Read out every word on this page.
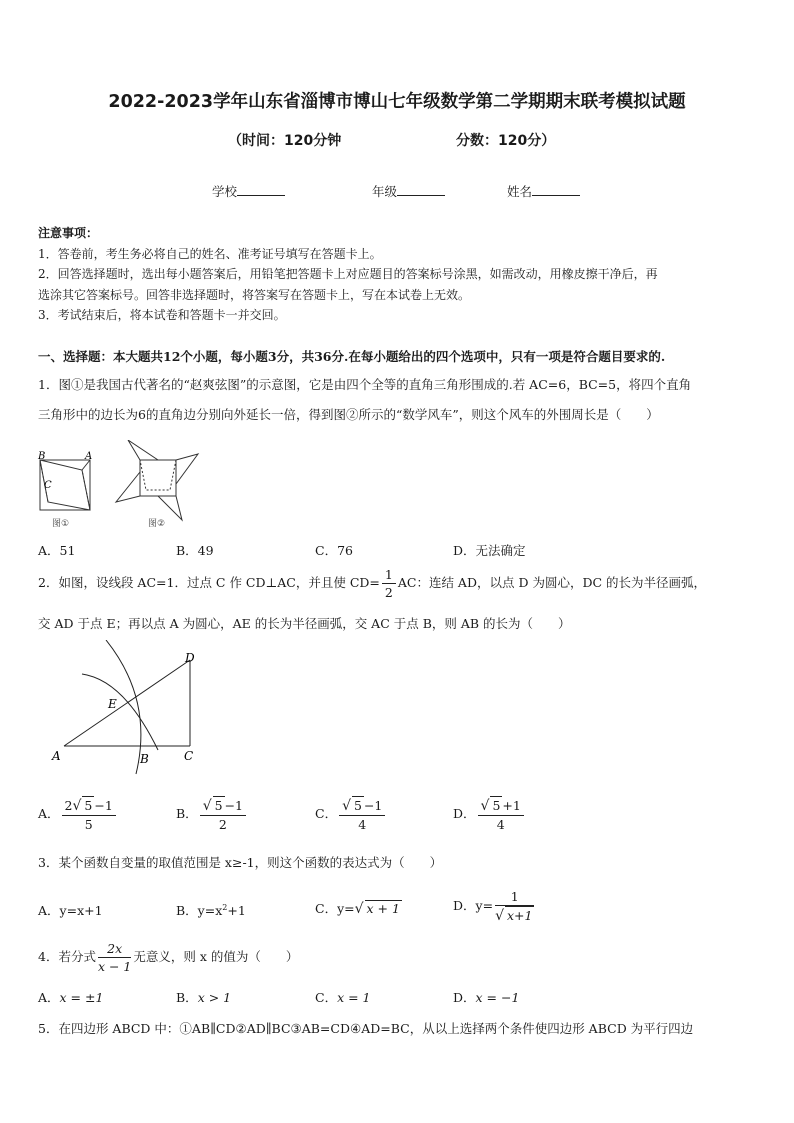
2022-2023学年山东省淄博市博山七年级数学第二学期期末联考模拟试题
（时间：120分钟	分数：120分）
学校	年级	姓名
注意事项：
1．答卷前，考生务必将自己的姓名、准考证号填写在答题卡上。
2．回答选择题时，选出每小题答案后，用铅笔把答题卡上对应题目的答案标号涂黑，如需改动，用橡皮擦干净后，再
选涂其它答案标号。回答非选择题时，将答案写在答题卡上，写在本试卷上无效。
3．考试结束后，将本试卷和答题卡一并交回。
一、选择题：本大题共12个小题，每小题3分，共36分.在每小题给出的四个选项中，只有一项是符合题目要求的.
1．图①是我国古代著名的“赵爽弦图”的示意图，它是由四个全等的直角三角形围成的.若 AC=6，BC=5，将四个直角
三角形中的边长为6的直角边分别向外延长一倍，得到图②所示的“数学风车”，则这个风车的外围周长是（　　）
B	A
C
图①	图②
A．51	B．49	C．76	D．无法确定
2．如图，设线段 AC=1．过点 C 作 CD⊥AC，并且使 $CD= \frac{1}{2}$ AC：连结 AD，以点 D 为圆心，DC 的长为半径画弧，
交 AD 于点 E；再以点 A 为圆心，AE 的长为半径画弧，交 AC 于点 B，则 AB 的长为（　　）
D
E
A	B	C
A． $\frac{2√ 5 -1}{5}$	B． $\frac{√ 5 -1}{2}$	C． $\frac{√ 5 -1}{4}$	D． $\frac{√ 5 +1}{4}$
3．某个函数自变量的取值范围是 x≥-1，则这个函数的表达式为（　　）
A．y=x+1	B．$y=x^2+1$	C．y=√ x + 1	D．$y= \frac{1}{√ x+1}$
4．若分式 $\frac{2x}{x - 1}$ 无意义，则 x 的值为（　　）
A．x = ±1	B．x > 1	C．x = 1	D．x = −1
5．在四边形 ABCD 中：①AB∥CD②AD∥BC③AB=CD④AD=BC，从以上选择两个条件使四边形 ABCD 为平行四边
